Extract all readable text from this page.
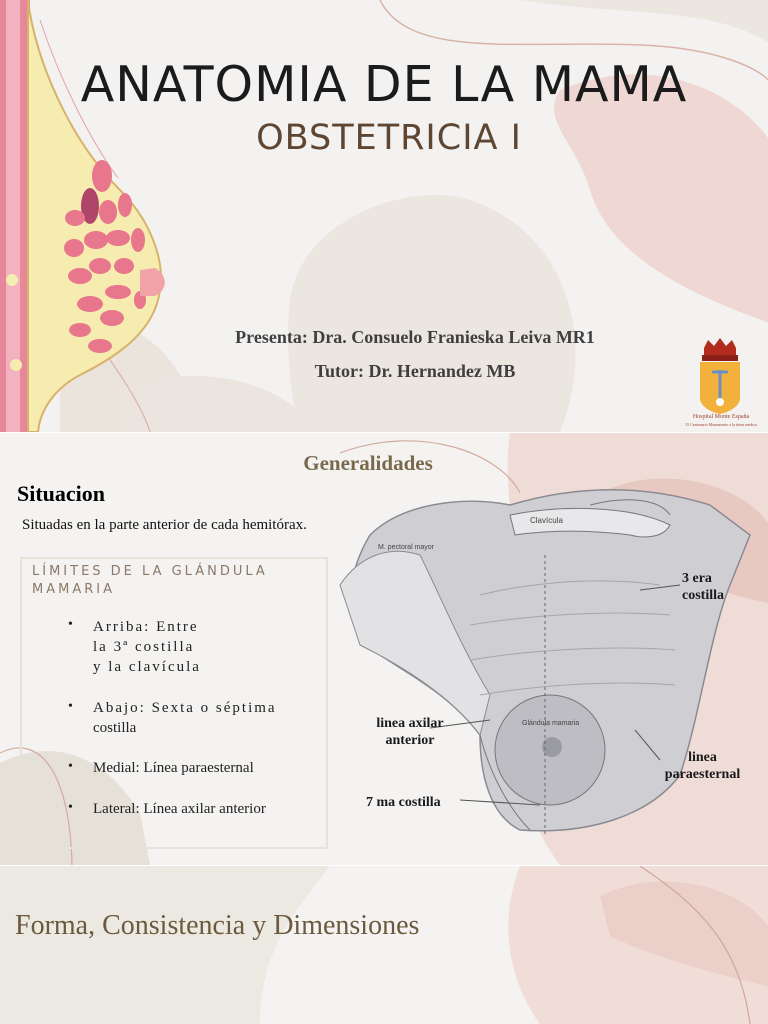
ANATOMIA DE LA MAMA
OBSTETRICIA I
Presenta: Dra. Consuelo Franieska Leiva MR1
Tutor: Dr. Hernandez MB
Hospital Monte España
15 Centenario Monumento a la tierra medica
Generalidades
Situacion
Situadas en la parte anterior de cada hemitórax.
LÍMITES DE LA GLÁNDULA MAMARIA
• Arriba: Entre
la 3ª costilla
y la clavícula
• Abajo: Sexta o séptima
costilla
• Medial: Línea paraesternal
• Lateral: Línea axilar anterior
Clavícula
M. pectoral mayor
Glándula mamaria
3 era costilla
linea axilar anterior
7 ma costilla
linea paraesternal
Forma, Consistencia y Dimensiones
